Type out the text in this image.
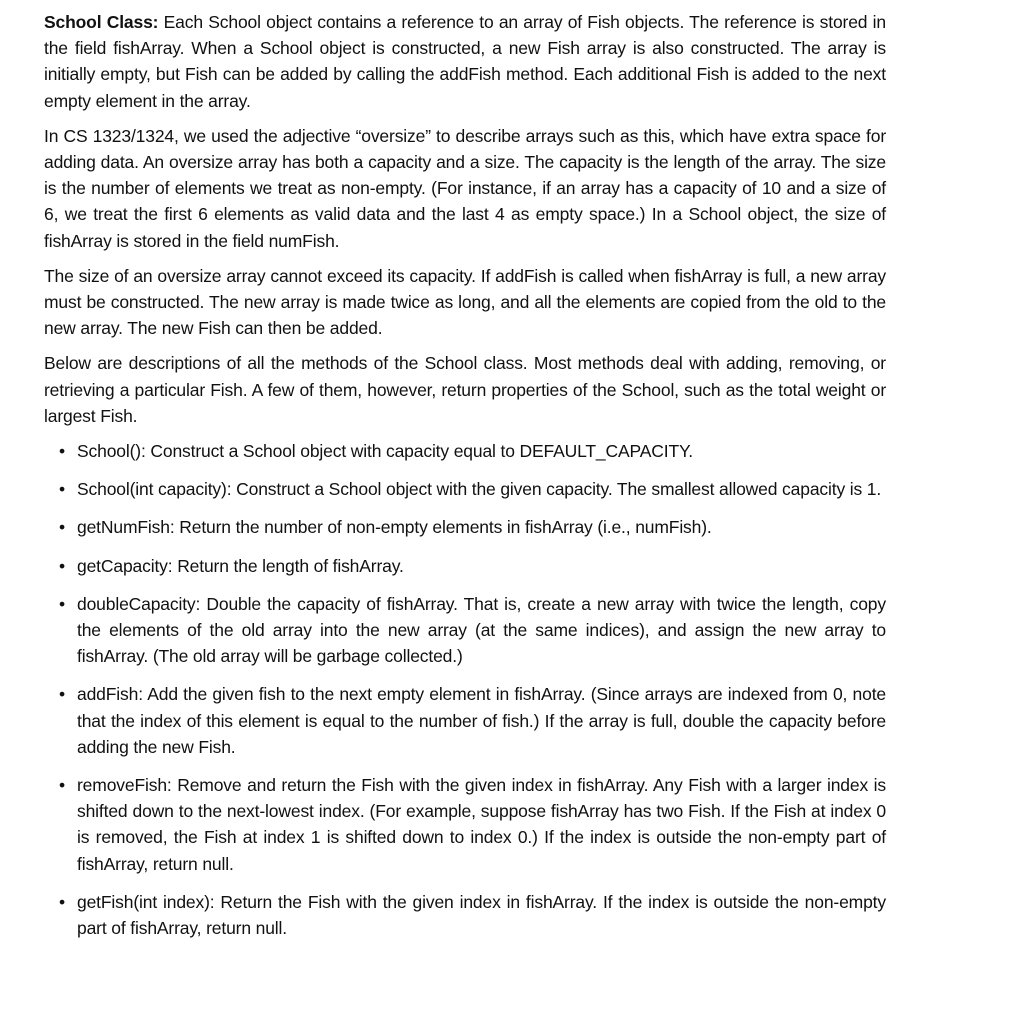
School Class: Each School object contains a reference to an array of Fish objects. The reference is stored in the field fishArray. When a School object is constructed, a new Fish array is also constructed. The array is initially empty, but Fish can be added by calling the addFish method. Each additional Fish is added to the next empty element in the array.

In CS 1323/1324, we used the adjective “oversize” to describe arrays such as this, which have extra space for adding data. An oversize array has both a capacity and a size. The capacity is the length of the array. The size is the number of elements we treat as non-empty. (For instance, if an array has a capacity of 10 and a size of 6, we treat the first 6 elements as valid data and the last 4 as empty space.) In a School object, the size of fishArray is stored in the field numFish.

The size of an oversize array cannot exceed its capacity. If addFish is called when fishArray is full, a new array must be constructed. The new array is made twice as long, and all the elements are copied from the old to the new array. The new Fish can then be added.

Below are descriptions of all the methods of the School class. Most methods deal with adding, removing, or retrieving a particular Fish. A few of them, however, return properties of the School, such as the total weight or largest Fish.

• School(): Construct a School object with capacity equal to DEFAULT_CAPACITY.
• School(int capacity): Construct a School object with the given capacity. The smallest allowed capacity is 1.
• getNumFish: Return the number of non-empty elements in fishArray (i.e., numFish).
• getCapacity: Return the length of fishArray.
• doubleCapacity: Double the capacity of fishArray. That is, create a new array with twice the length, copy the elements of the old array into the new array (at the same indices), and assign the new array to fishArray. (The old array will be garbage collected.)
• addFish: Add the given fish to the next empty element in fishArray. (Since arrays are indexed from 0, note that the index of this element is equal to the number of fish.) If the array is full, double the capacity before adding the new Fish.
• removeFish: Remove and return the Fish with the given index in fishArray. Any Fish with a larger index is shifted down to the next-lowest index. (For example, suppose fishArray has two Fish. If the Fish at index 0 is removed, the Fish at index 1 is shifted down to index 0.) If the index is outside the non-empty part of fishArray, return null.
• getFish(int index): Return the Fish with the given index in fishArray. If the index is outside the non-empty part of fishArray, return null.
